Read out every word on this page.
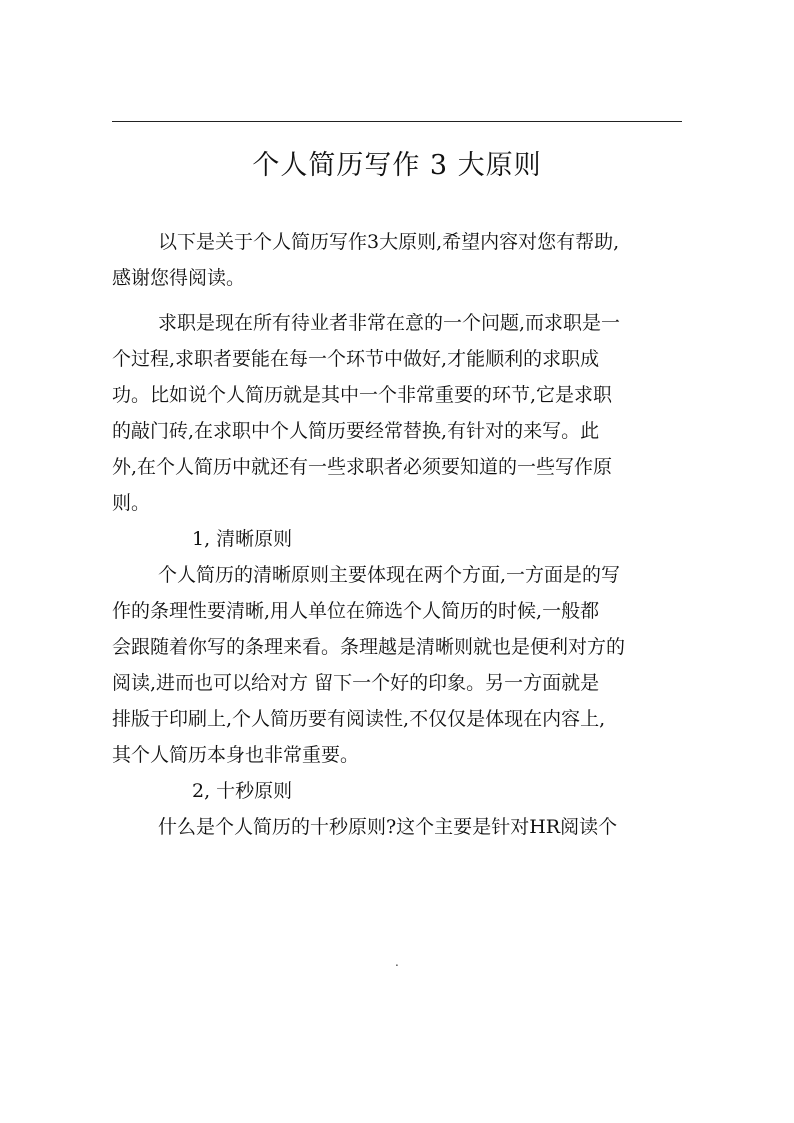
个人简历写作 3 大原则
以下是关于个人简历写作3大原则,希望内容对您有帮助,
感谢您得阅读。
求职是现在所有待业者非常在意的一个问题,而求职是一
个过程,求职者要能在每一个环节中做好,才能顺利的求职成
功。比如说个人简历就是其中一个非常重要的环节,它是求职
的敲门砖,在求职中个人简历要经常替换,有针对的来写。此
外,在个人简历中就还有一些求职者必须要知道的一些写作原
则。
1, 清晰原则
个人简历的清晰原则主要体现在两个方面,一方面是的写
作的条理性要清晰,用人单位在筛选个人简历的时候,一般都
会跟随着你写的条理来看。条理越是清晰则就也是便利对方的
阅读,进而也可以给对方 留下一个好的印象。另一方面就是
排版于印刷上,个人简历要有阅读性,不仅仅是体现在内容上,
其个人简历本身也非常重要。
2, 十秒原则
什么是个人简历的十秒原则?这个主要是针对HR阅读个
.
